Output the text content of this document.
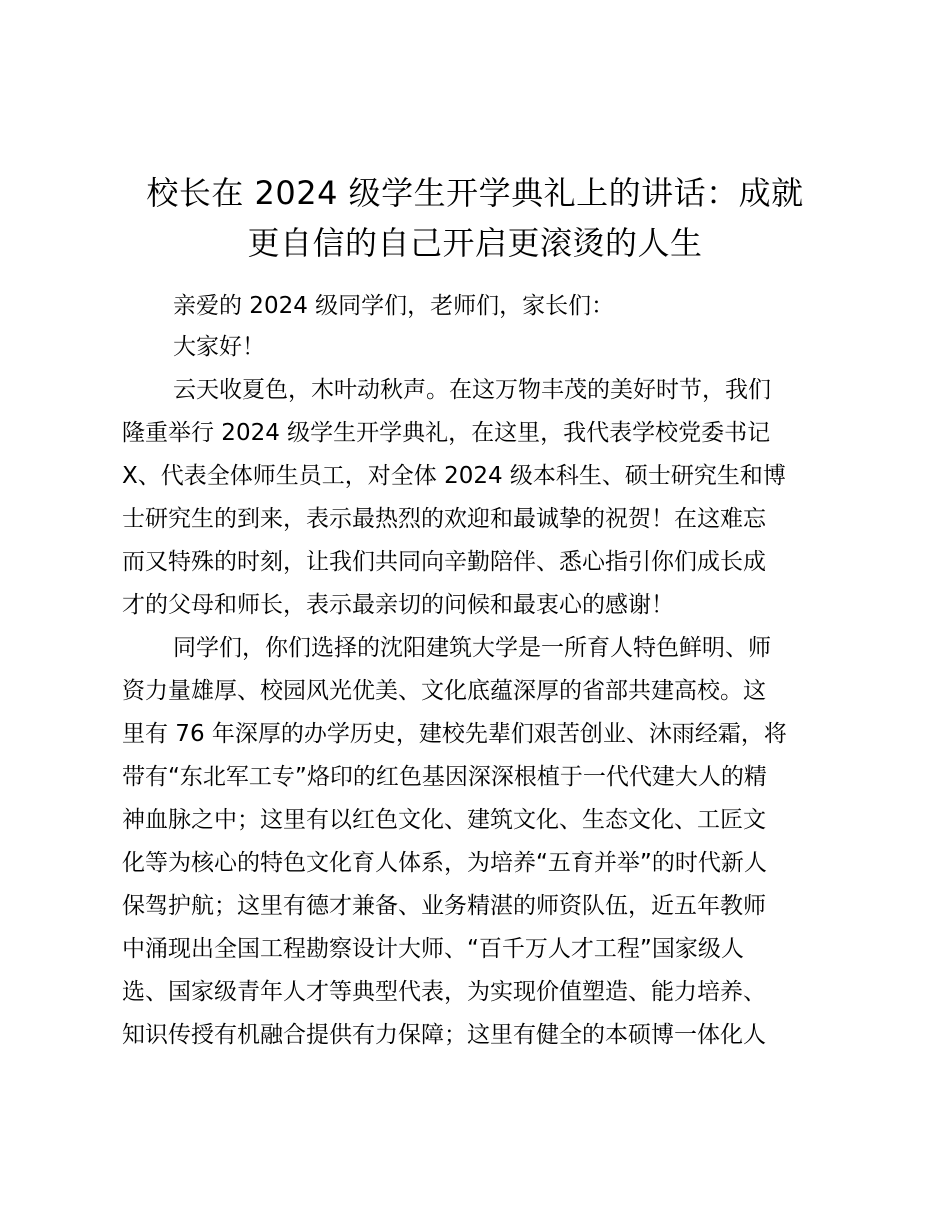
校长在 2024 级学生开学典礼上的讲话：成就
更自信的自己开启更滚烫的人生
亲爱的 2024 级同学们，老师们，家长们：
大家好！
云天收夏色，木叶动秋声。在这万物丰茂的美好时节，我们
隆重举行 2024 级学生开学典礼，在这里，我代表学校党委书记
X、代表全体师生员工，对全体 2024 级本科生、硕士研究生和博
士研究生的到来，表示最热烈的欢迎和最诚挚的祝贺！在这难忘
而又特殊的时刻，让我们共同向辛勤陪伴、悉心指引你们成长成
才的父母和师长，表示最亲切的问候和最衷心的感谢！
同学们，你们选择的沈阳建筑大学是一所育人特色鲜明、师
资力量雄厚、校园风光优美、文化底蕴深厚的省部共建高校。这
里有 76 年深厚的办学历史，建校先辈们艰苦创业、沐雨经霜，将
带有“东北军工专”烙印的红色基因深深根植于一代代建大人的精
神血脉之中；这里有以红色文化、建筑文化、生态文化、工匠文
化等为核心的特色文化育人体系，为培养“五育并举”的时代新人
保驾护航；这里有德才兼备、业务精湛的师资队伍，近五年教师
中涌现出全国工程勘察设计大师、“百千万人才工程”国家级人
选、国家级青年人才等典型代表，为实现价值塑造、能力培养、
知识传授有机融合提供有力保障；这里有健全的本硕博一体化人
